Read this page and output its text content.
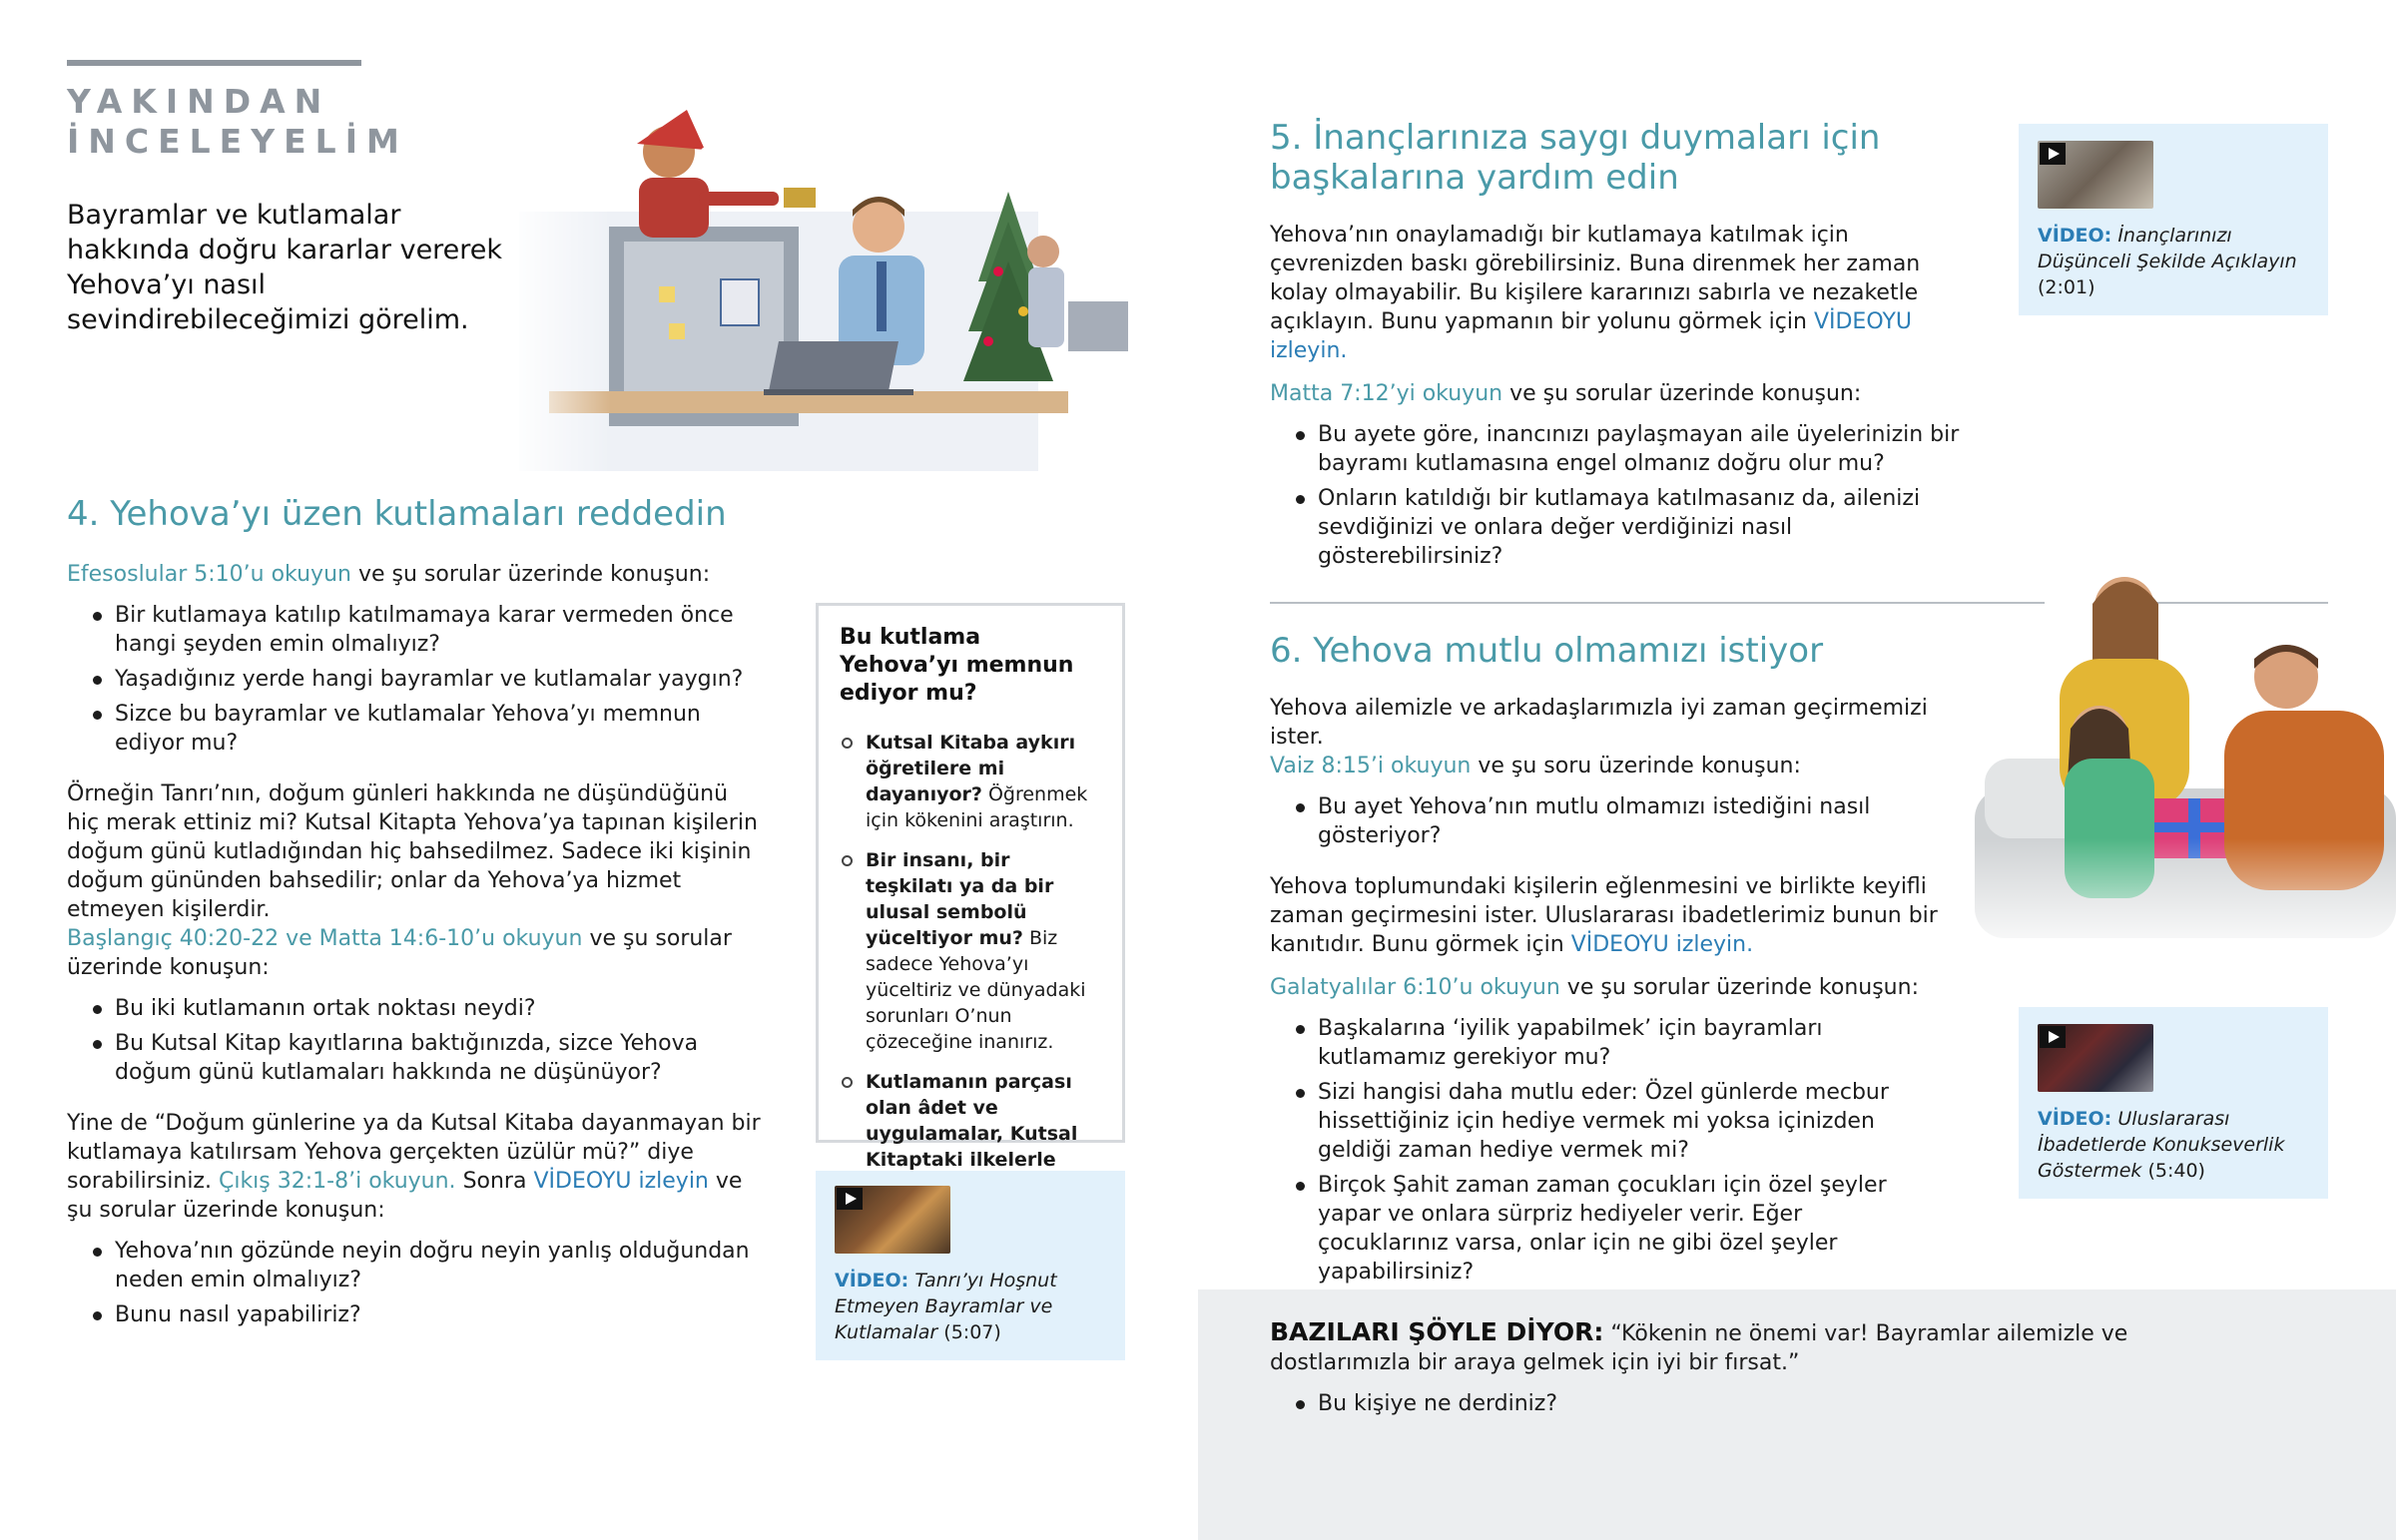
YAKINDAN
İNCELEYELİM
Bayramlar ve kutlamalar hakkında doğru kararlar vererek Yehova’yı nasıl sevindirebileceğimizi görelim.
4. Yehova’yı üzen kutlamaları reddedin

Efesoslular 5:10’u okuyun ve şu sorular üzerinde konuşun:

Bir kutlamaya katılıp katılmamaya karar vermeden önce hangi şeyden emin olmalıyız?
Yaşadığınız yerde hangi bayramlar ve kutlamalar yaygın?
Sizce bu bayramlar ve kutlamalar Yehova’yı memnun ediyor mu?

Örneğin Tanrı’nın, doğum günleri hakkında ne düşündüğünü hiç merak ettiniz mi? Kutsal Kitapta Yehova’ya tapınan kişilerin doğum günü kutladığından hiç bahsedilmez. Sadece iki kişinin doğum gününden bahsedilir; onlar da Yehova’ya hizmet etmeyen kişilerdir.

Başlangıç 40:20-22 ve Matta 14:6-10’u okuyun ve şu sorular üzerinde konuşun:

Bu iki kutlamanın ortak noktası neydi?
Bu Kutsal Kitap kayıtlarına baktığınızda, sizce Yehova doğum günü kutlamaları hakkında ne düşünüyor?

Yine de “Doğum günlerine ya da Kutsal Kitaba dayanmayan bir kutlamaya katılırsam Yehova gerçekten üzülür mü?” diye sorabilirsiniz. Çıkış 32:1-8’i okuyun. Sonra VİDEOYU izleyin ve şu sorular üzerinde konuşun:

Yehova’nın gözünde neyin doğru neyin yanlış olduğundan neden emin olmalıyız?
Bunu nasıl yapabiliriz?
Bu kutlama Yehova’yı memnun ediyor mu?
Kutsal Kitaba aykırı öğretilere mi dayanıyor? Öğrenmek için kökenini araştırın.
Bir insanı, bir teşkilatı ya da bir ulusal sembolü yüceltiyor mu? Biz sadece Yehova’yı yüceltiriz ve dünyadaki sorunları O’nun çözeceğine inanırız.
Kutlamanın parçası olan âdet ve uygulamalar, Kutsal Kitaptaki ilkelerle
VİDEO: Tanrı’yı Hoşnut Etmeyen Bayramlar ve Kutlamalar (5:07)
5. İnançlarınıza saygı duymaları için başkalarına yardım edin

Yehova’nın onaylamadığı bir kutlamaya katılmak için çevrenizden baskı görebilirsiniz. Buna direnmek her zaman kolay olmayabilir. Bu kişilere kararınızı sabırla ve nezaketle açıklayın. Bunu yapmanın bir yolunu görmek için VİDEOYU izleyin.

Matta 7:12’yi okuyun ve şu sorular üzerinde konuşun:

Bu ayete göre, inancınızı paylaşmayan aile üyelerinizin bir bayramı kutlamasına engel olmanız doğru olur mu?
Onların katıldığı bir kutlamaya katılmasanız da, ailenizi sevdiğinizi ve onlara değer verdiğinizi nasıl gösterebilirsiniz?
VİDEO: İnançlarınızı Düşünceli Şekilde Açıklayın (2:01)
6. Yehova mutlu olmamızı istiyor

Yehova ailemizle ve arkadaşlarımızla iyi zaman geçirmemizi ister.

Vaiz 8:15’i okuyun ve şu soru üzerinde konuşun:

Bu ayet Yehova’nın mutlu olmamızı istediğini nasıl gösteriyor?

Yehova toplumundaki kişilerin eğlenmesini ve birlikte keyifli zaman geçirmesini ister. Uluslararası ibadetlerimiz bunun bir kanıtıdır. Bunu görmek için VİDEOYU izleyin.

Galatyalılar 6:10’u okuyun ve şu sorular üzerinde konuşun:

Başkalarına ‘iyilik yapabilmek’ için bayramları kutlamamız gerekiyor mu?
Sizi hangisi daha mutlu eder: Özel günlerde mecbur hissettiğiniz için hediye vermek mi yoksa içinizden geldiği zaman hediye vermek mi?
Birçok Şahit zaman zaman çocukları için özel şeyler yapar ve onlara sürpriz hediyeler verir. Eğer çocuklarınız varsa, onlar için ne gibi özel şeyler yapabilirsiniz?
VİDEO: Uluslararası İbadetlerde Konukseverlik Göstermek (5:40)

BAZILARI ŞÖYLE DİYOR: “Kökenin ne önemi var! Bayramlar ailemizle ve dostlarımızla bir araya gelmek için iyi bir fırsat.”

Bu kişiye ne derdiniz?
